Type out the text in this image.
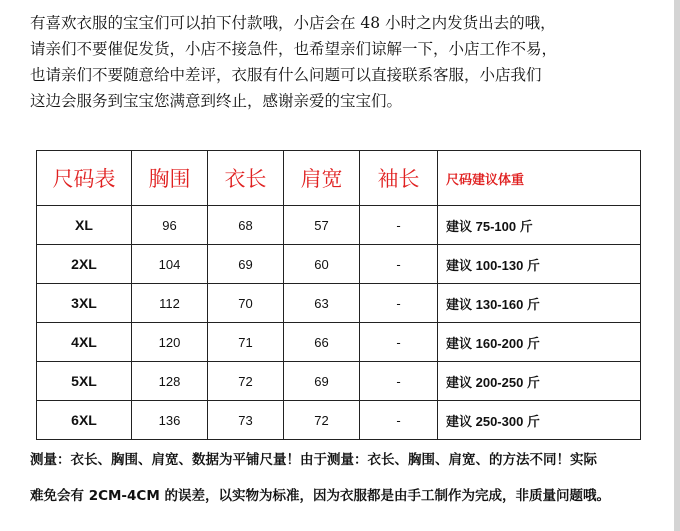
有喜欢衣服的宝宝们可以拍下付款哦，小店会在 48 小时之内发货出去的哦，

请亲们不要催促发货，小店不接急件，也希望亲们谅解一下，小店工作不易，

也请亲们不要随意给中差评，衣服有什么问题可以直接联系客服，小店我们

这边会服务到宝宝您满意到终止，感谢亲爱的宝宝们。

尺码表	胸围	衣长	肩宽	袖长	尺码建议体重
XL	96	68	57	-	建议 75-100 斤
2XL	104	69	60	-	建议 100-130 斤
3XL	112	70	63	-	建议 130-160 斤
4XL	120	71	66	-	建议 160-200 斤
5XL	128	72	69	-	建议 200-250 斤
6XL	136	73	72	-	建议 250-300 斤

测量：衣长、胸围、肩宽、数据为平铺尺量！由于测量：衣长、胸围、肩宽、的方法不同！实际

难免会有 2CM-4CM 的误差，以实物为标准，因为衣服都是由手工制作为完成，非质量问题哦。
